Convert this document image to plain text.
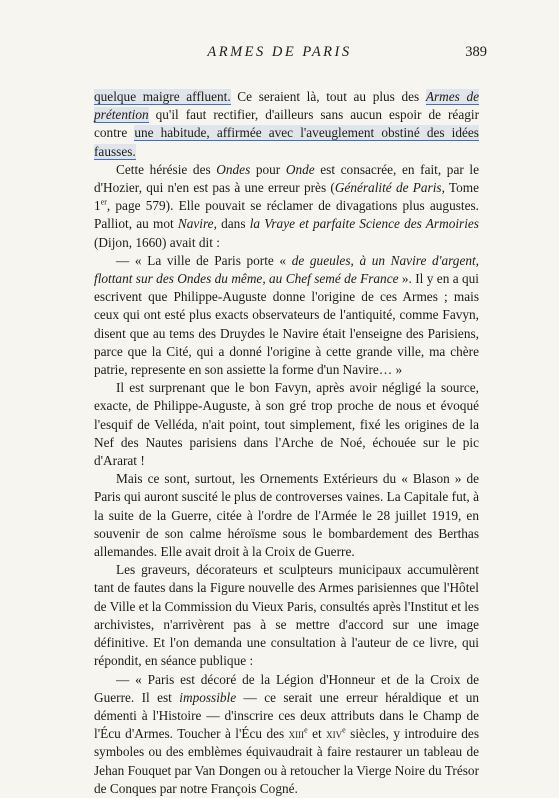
ARMES DE PARIS	389

quelque maigre affluent. Ce seraient là, tout au plus des Armes de prétention qu'il faut rectifier, d'ailleurs sans aucun espoir de réagir contre une habitude, affirmée avec l'aveuglement obstiné des idées fausses.

Cette hérésie des Ondes pour Onde est consacrée, en fait, par le d'Hozier, qui n'en est pas à une erreur près (Généralité de Paris, Tome 1er, page 579). Elle pouvait se réclamer de divagations plus augustes. Palliot, au mot Navire, dans la Vraye et parfaite Science des Armoiries (Dijon, 1660) avait dit :

— « La ville de Paris porte « de gueules, à un Navire d'argent, flottant sur des Ondes du même, au Chef semé de France ». Il y en a qui escrivent que Philippe-Auguste donne l'origine de ces Armes ; mais ceux qui ont esté plus exacts observateurs de l'antiquité, comme Favyn, disent que au tems des Druydes le Navire était l'enseigne des Parisiens, parce que la Cité, qui a donné l'origine à cette grande ville, ma chère patrie, represente en son assiette la forme d'un Navire… »

Il est surprenant que le bon Favyn, après avoir négligé la source, exacte, de Philippe-Auguste, à son gré trop proche de nous et évoqué l'esquif de Velléda, n'ait point, tout simplement, fixé les origines de la Nef des Nautes parisiens dans l'Arche de Noé, échouée sur le pic d'Ararat !

Mais ce sont, surtout, les Ornements Extérieurs du « Blason » de Paris qui auront suscité le plus de controverses vaines. La Capitale fut, à la suite de la Guerre, citée à l'ordre de l'Armée le 28 juillet 1919, en souvenir de son calme héroïsme sous le bombardement des Berthas allemandes. Elle avait droit à la Croix de Guerre.

Les graveurs, décorateurs et sculpteurs municipaux accumulèrent tant de fautes dans la Figure nouvelle des Armes parisiennes que l'Hôtel de Ville et la Commission du Vieux Paris, consultés après l'Institut et les archivistes, n'arrivèrent pas à se mettre d'accord sur une image définitive. Et l'on demanda une consultation à l'auteur de ce livre, qui répondit, en séance publique :

— « Paris est décoré de la Légion d'Honneur et de la Croix de Guerre. Il est impossible — ce serait une erreur héraldique et un démenti à l'Histoire — d'inscrire ces deux attributs dans le Champ de l'Écu d'Armes. Toucher à l'Écu des xiii$^e$ et xiv$^e$ siècles, y introduire des symboles ou des emblèmes équivaudrait à faire restaurer un tableau de Jehan Fouquet par Van Dongen ou à retoucher la Vierge Noire du Trésor de Conques par notre François Cogné.
